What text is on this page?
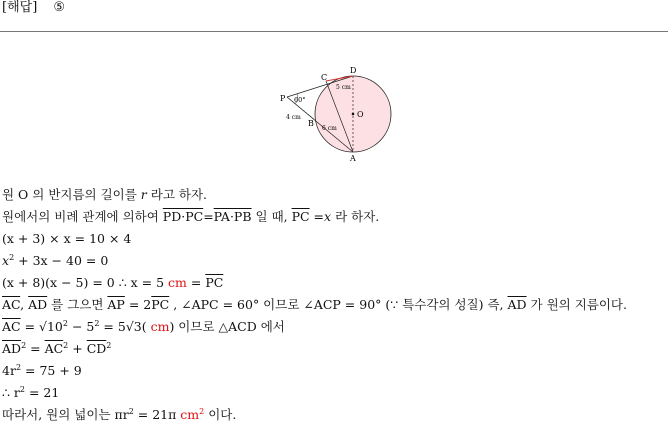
[해답] ⑤
P
C
D
O
B
A
60°
5 cm
4 cm
6 cm
원 O 의 반지름의 길이를 r 라고 하자.
원에서의 비례 관계에 의하여 PD·PC=PA·PB 일 때, $\overline{PC} =x$ 라 하자.
(x + 3) × x = 10 × 4
$x^2 + 3x - 40 = 0$
(x + 8)(x − 5) = 0 ∴ x = 5 cm = $\overline{PC}$
$\overline{AC}$, $\overline{AD}$ 를 그으면 $\overline{AP} = 2\overline{PC}$ , ∠APC = 60° 이므로 ∠ACP = 90° (∵ 특수각의 성질) 즉, $\overline{AD}$ 가 원의 지름이다.
$\overline{AC} = √10^2 - 5^2 = 5√3$( cm) 이므로 △ACD 에서
$\overline{AD}^2 = \overline{AC}^2 + \overline{CD}^2$
$4r^2 = 75 + 9$
∴ $r^2 = 21$
따라서, 원의 넓이는 $\pi r^2 = 21\pi$ $cm^2$ 이다.
